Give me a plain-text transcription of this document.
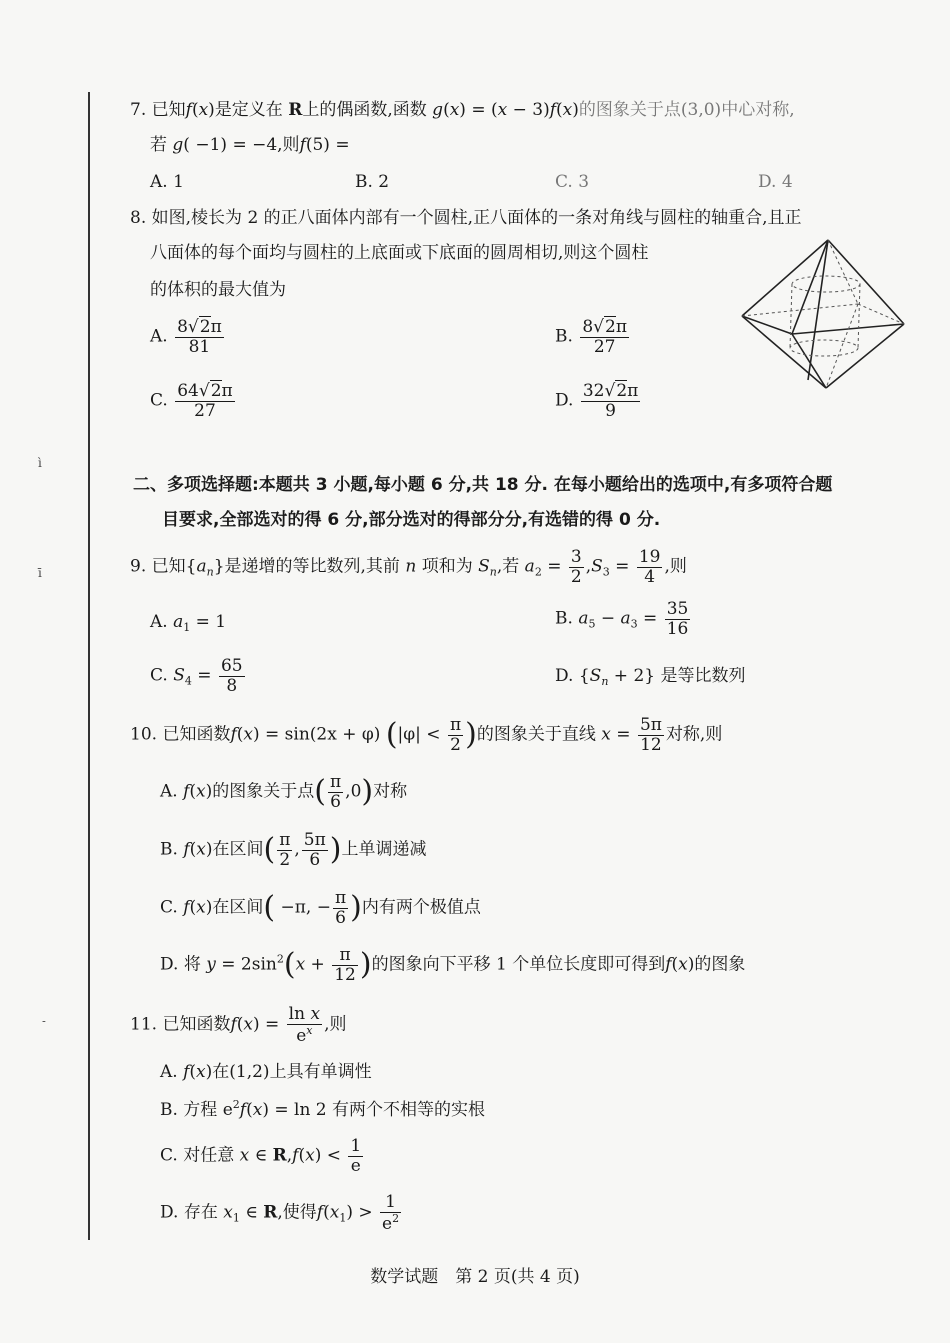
ì
ī
˗
7. 已知f(x)是定义在 R上的偶函数,函数 g(x) = (x − 3)f(x)的图象关于点(3,0)中心对称,
若 g( −1) = −4,则f(5) =
A. 1	B. 2	C. 3	D. 4
8. 如图,棱长为 2 的正八面体内部有一个圆柱,正八面体的一条对角线与圆柱的轴重合,且正
八面体的每个面均与圆柱的上底面或下底面的圆周相切,则这个圆柱
的体积的最大值为
A. $\frac{8√2\pi}{81}$	B. $\frac{8√2\pi}{27}$
C. $\frac{64√2\pi}{27}$	D. $\frac{32√2\pi}{9}$
二、多项选择题:本题共 3 小题,每小题 6 分,共 18 分. 在每小题给出的选项中,有多项符合题
目要求,全部选对的得 6 分,部分选对的得部分分,有选错的得 0 分.
9. 已知$\{a_n\}$是递增的等比数列,其前 n 项和为 $S_n$,若 $a_2 = \frac{3}{2} ,S_3 = \frac{19}{4}$ ,则
A. $a_1 = 1$	B. $a_5 - a_3 = \frac{35}{16}$
C. $S_4 = \frac{65}{8}$	D. $\{S_n + 2\}$ 是等比数列
10. 已知函数f(x) = sin(2x + φ) ($|\varphi| < \frac{\pi}{2}$ )的图象关于直线 $x = \frac{5\pi}{12}$ 对称,则
A. f(x)的图象关于点( $\frac{\pi}{6} ,0$)对称
B. f(x)在区间( $\frac{\pi}{2}$ , $\frac{5\pi}{6}$ )上单调递减
C. f(x)在区间( −π, − $\frac{\pi}{6}$ )内有两个极值点
D. 将 $y = 2\sin^2(x + \frac{\pi}{12}$ )的图象向下平移 1 个单位长度即可得到f(x)的图象
11. 已知函数$f(x) = \frac{\text{ln x}}{e^x}$ ,则
A. f(x)在(1,2)上具有单调性
B. 方程 $e^2f(x) = \ln 2$ 有两个不相等的实根
C. 对任意 x ∈ $R,f(x) < \frac{1}{e}$
D. 存在 $x_1$ ∈ R,使得$f(x_1) > \frac{1}{e^2}$
数学试题　第 2 页(共 4 页)
